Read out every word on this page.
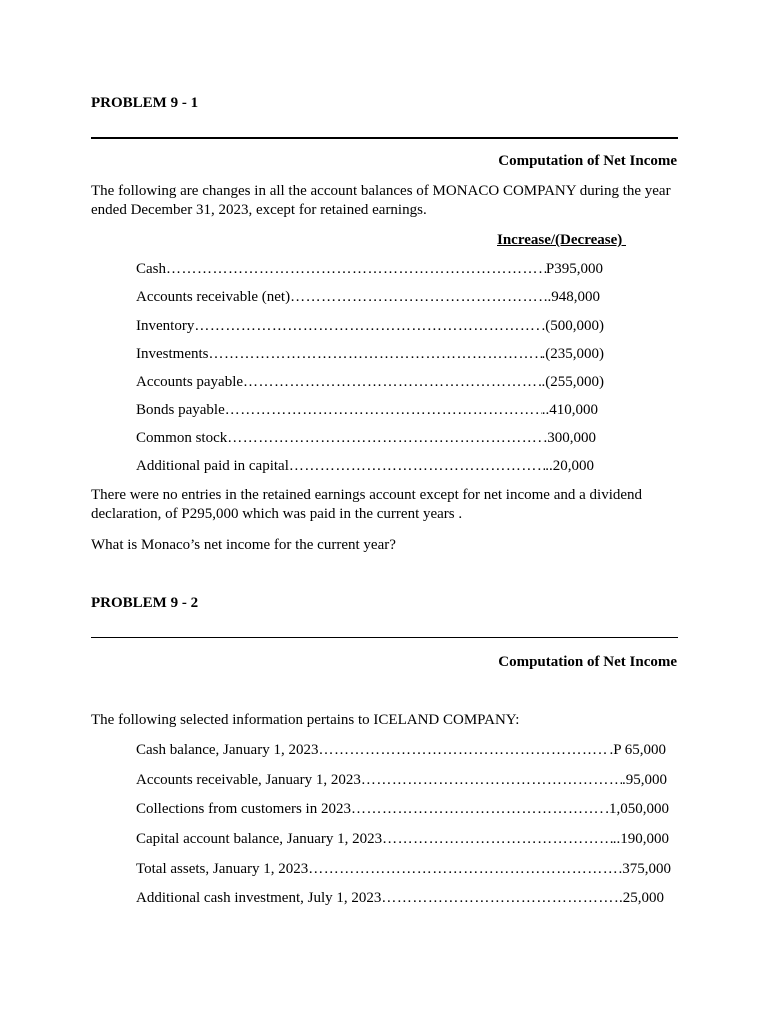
PROBLEM 9 - 1
Computation of Net Income
The following are changes in all the account balances of MONACO COMPANY during the year ended December 31, 2023, except for retained earnings.
Increase/(Decrease)
Cash …………………………………………………………………………………………………………………………………………………………	P395,000
Accounts receivable (net) …………………………………………………………………………………………………………………………………………………………	.948,000
Inventory …………………………………………………………………………………………………………………………………………………………	.(500,000)
Investments …………………………………………………………………………………………………………………………………………………………	.(235,000)
Accounts payable …………………………………………………………………………………………………………………………………………………………	.(255,000)
Bonds payable …………………………………………………………………………………………………………………………………………………………	..410,000
Common stock …………………………………………………………………………………………………………………………………………………………	.300,000
Additional paid in capital …………………………………………………………………………………………………………………………………………………………	..20,000
There were no entries in the retained earnings account except for net income and a dividend declaration, of P295,000 which was paid in the current years .
What is Monaco’s net income for the current year?
PROBLEM 9 - 2
Computation of Net Income
The following selected information pertains to ICELAND COMPANY:
Cash balance, January 1, 2023 …………………………………………………………………………………………………………………………………………………………	.P 65,000
Accounts receivable, January 1, 2023 …………………………………………………………………………………………………………………………………………………………	.95,000
Collections from customers in 2023 …………………………………………………………………………………………………………………………………………………………	.1,050,000
Capital account balance, January 1, 2023 …………………………………………………………………………………………………………………………………………………………	..190,000
Total assets, January 1, 2023 …………………………………………………………………………………………………………………………………………………………	.375,000
Additional cash investment, July 1, 2023 …………………………………………………………………………………………………………………………………………………………	.25,000
